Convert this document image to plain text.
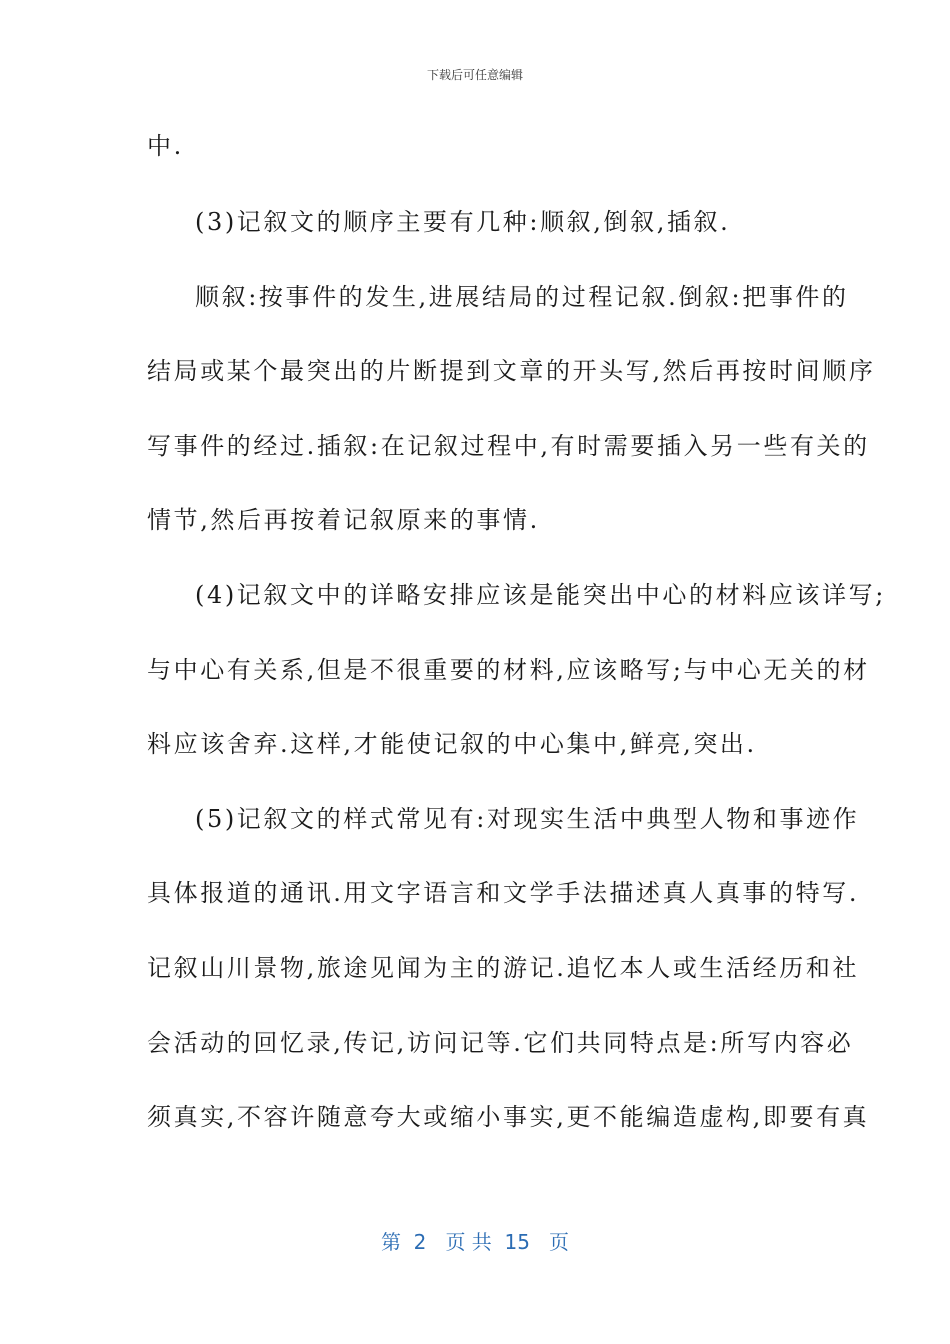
下载后可任意编辑
中.
(3)记叙文的顺序主要有几种:顺叙,倒叙,插叙.
顺叙:按事件的发生,进展结局的过程记叙.倒叙:把事件的
结局或某个最突出的片断提到文章的开头写,然后再按时间顺序
写事件的经过.插叙:在记叙过程中,有时需要插入另一些有关的
情节,然后再按着记叙原来的事情.
(4)记叙文中的详略安排应该是能突出中心的材料应该详写;
与中心有关系,但是不很重要的材料,应该略写;与中心无关的材
料应该舍弃.这样,才能使记叙的中心集中,鲜亮,突出.
(5)记叙文的样式常见有:对现实生活中典型人物和事迹作
具体报道的通讯.用文字语言和文学手法描述真人真事的特写.
记叙山川景物,旅途见闻为主的游记.追忆本人或生活经历和社
会活动的回忆录,传记,访问记等.它们共同特点是:所写内容必
须真实,不容许随意夸大或缩小事实,更不能编造虚构,即要有真
第  2   页 共  15   页
